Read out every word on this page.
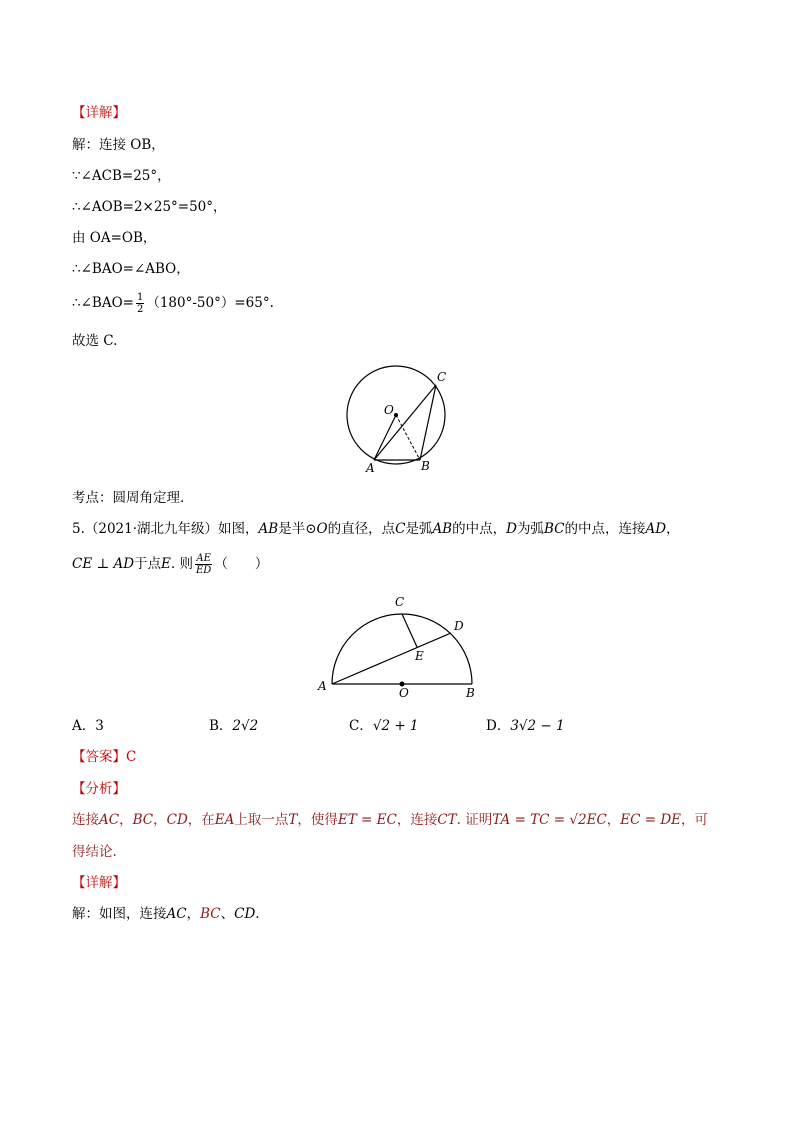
【详解】
解：连接 OB，
∵∠ACB=25°，
∴∠AOB=2×25°=50°，
由 OA=OB，
∴∠BAO=∠ABO，
∴∠BAO= $\frac{1}{2} (180^\circ-50^\circ)=65^\circ$.
故选 C.
C
O
A	B
考点：圆周角定理.
5.（2021·湖北九年级）如图，AB是半⊙O的直径，点C是弧AB的中点，D为弧BC的中点，连接AD，
CE ⊥ AD于点E. 则 $\frac{AE}{ED}$ （　　）
C
D
E
A	O	B
A．3	B．2√2	C．√2 + 1	D．3√2 − 1
【答案】C
【分析】
连接AC，BC，CD，在EA上取一点T，使得ET = EC，连接CT. 证明TA = TC = √2EC，EC = DE，可
得结论.
【详解】
解：如图，连接AC，BC、CD.
